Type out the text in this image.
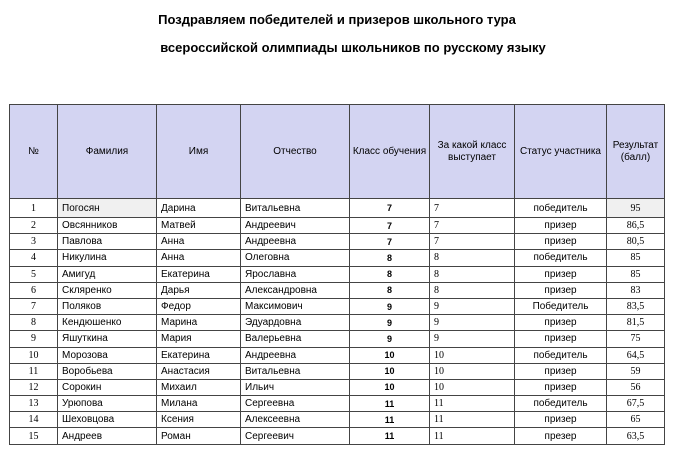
Поздравляем победителей и призеров школьного тура
всероссийской олимпиады школьников по русскому языку
№	Фамилия	Имя	Отчество	Класс обучения	За какой класс выступает	Статус участника	Результат (балл)
1	Погосян	Дарина	Витальевна	7	7	победитель	95
2	Овсянников	Матвей	Андреевич	7	7	призер	86,5
3	Павлова	Анна	Андреевна	7	7	призер	80,5
4	Никулина	Анна	Олеговна	8	8	победитель	85
5	Амигуд	Екатерина	Ярославна	8	8	призер	85
6	Скляренко	Дарья	Александровна	8	8	призер	83
7	Поляков	Федор	Максимович	9	9	Победитель	83,5
8	Кендюшенко	Марина	Эдуардовна	9	9	призер	81,5
9	Яшуткина	Мария	Валерьевна	9	9	призер	75
10	Морозова	Екатерина	Андреевна	10	10	победитель	64,5
11	Воробьева	Анастасия	Витальевна	10	10	призер	59
12	Сорокин	Михаил	Ильич	10	10	призер	56
13	Урюпова	Милана	Сергеевна	11	11	победитель	67,5
14	Шеховцова	Ксения	Алексеевна	11	11	призер	65
15	Андреев	Роман	Сергеевич	11	11	презер	63,5
